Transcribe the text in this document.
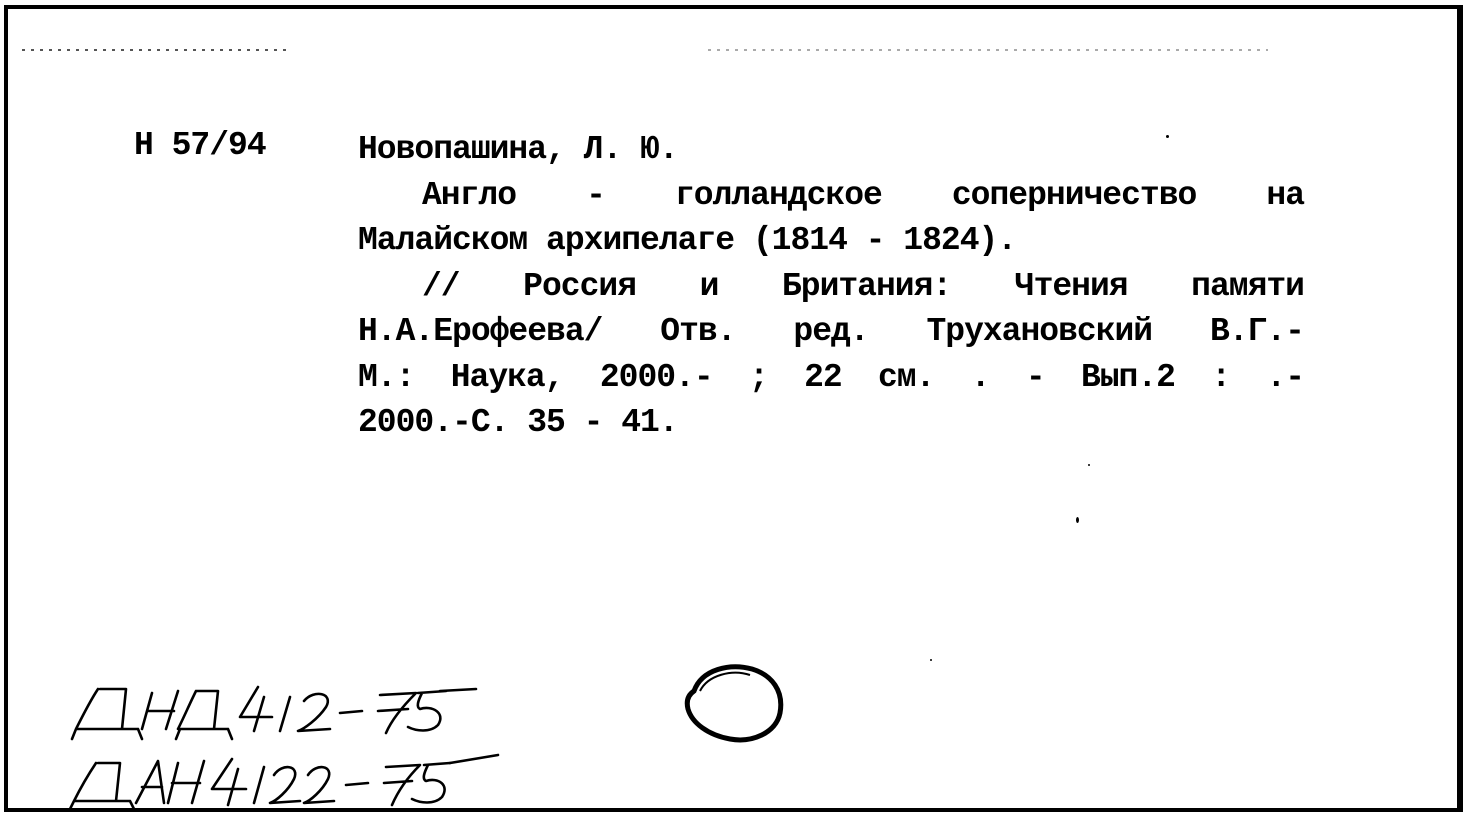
Н 57/94	Новопашина, Л. Ю.
Англо - голландское соперничество на
Малайском архипелаге (1814 - 1824).
// Россия и Британия: Чтения памяти
Н.А.Ерофеева/ Отв. ред. Трухановский В.Г.-
М.: Наука, 2000.- ; 22 см. . - Вып.2 : .-
2000.-С. 35 - 41.
